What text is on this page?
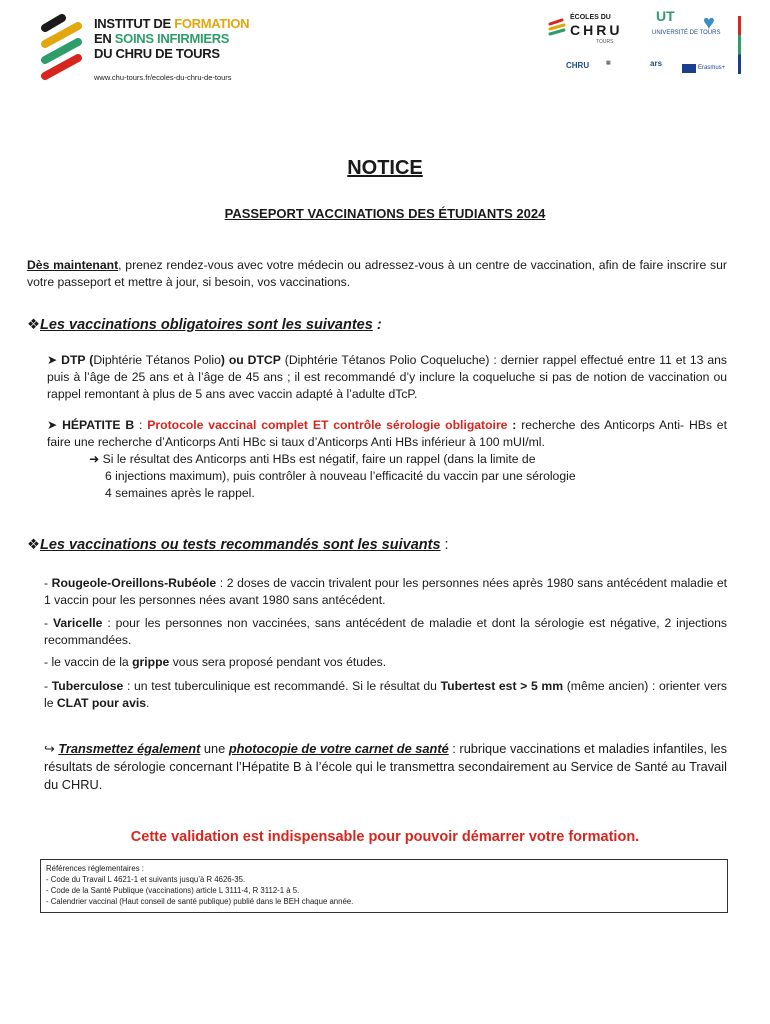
INSTITUT DE FORMATION
EN SOINS INFIRMIERS
DU CHRU DE TOURS
www.chu-tours.fr/ecoles-du-chru-de-tours
ÉCOLES DU
CHRU
TOURS
UT
UNIVERSITÉ DE TOURS
♥
CHRU	▦	ars	Erasmus+
NOTICE
PASSEPORT VACCINATIONS DES ÉTUDIANTS 2024
Dès maintenant, prenez rendez-vous avec votre médecin ou adressez-vous à un centre de vaccination, afin de faire inscrire sur votre passeport et mettre à jour, si besoin, vos vaccinations.
❖Les vaccinations obligatoires sont les suivantes :
➤ DTP (Diphtérie Tétanos Polio) ou DTCP (Diphtérie Tétanos Polio Coqueluche) : dernier rappel effectué entre 11 et 13 ans puis à l’âge de 25 ans et à l’âge de 45 ans ; il est recommandé d’y inclure la coqueluche si pas de notion de vaccination ou rappel remontant à plus de 5 ans avec vaccin adapté à l’adulte dTcP.
➤ HÉPATITE B : Protocole vaccinal complet ET contrôle sérologie obligatoire : recherche des Anticorps Anti- HBs et faire une recherche d’Anticorps Anti HBc si taux d’Anticorps Anti HBs inférieur à 100 mUI/ml.
➜ Si le résultat des Anticorps anti HBs est négatif, faire un rappel (dans la limite de
6 injections maximum), puis contrôler à nouveau l’efficacité du vaccin par une sérologie
4 semaines après le rappel.
❖Les vaccinations ou tests recommandés sont les suivants :
- Rougeole-Oreillons-Rubéole : 2 doses de vaccin trivalent pour les personnes nées après 1980 sans antécédent maladie et 1 vaccin pour les personnes nées avant 1980 sans antécédent.
- Varicelle : pour les personnes non vaccinées, sans antécédent de maladie et dont la sérologie est négative, 2 injections recommandées.
- le vaccin de la grippe vous sera proposé pendant vos études.
- Tuberculose : un test tuberculinique est recommandé. Si le résultat du Tubertest est > 5 mm (même ancien) : orienter vers le CLAT pour avis.
↪ Transmettez également une photocopie de votre carnet de santé : rubrique vaccinations et maladies infantiles, les résultats de sérologie concernant l’Hépatite B à l’école qui le transmettra secondairement au Service de Santé au Travail du CHRU.
Cette validation est indispensable pour pouvoir démarrer votre formation.
Références réglementaires :
- Code du Travail L 4621-1 et suivants jusqu’à R 4626-35.
- Code de la Santé Publique (vaccinations) article L 3111-4, R 3112-1 à 5.
- Calendrier vaccinal (Haut conseil de santé publique) publié dans le BEH chaque année.
